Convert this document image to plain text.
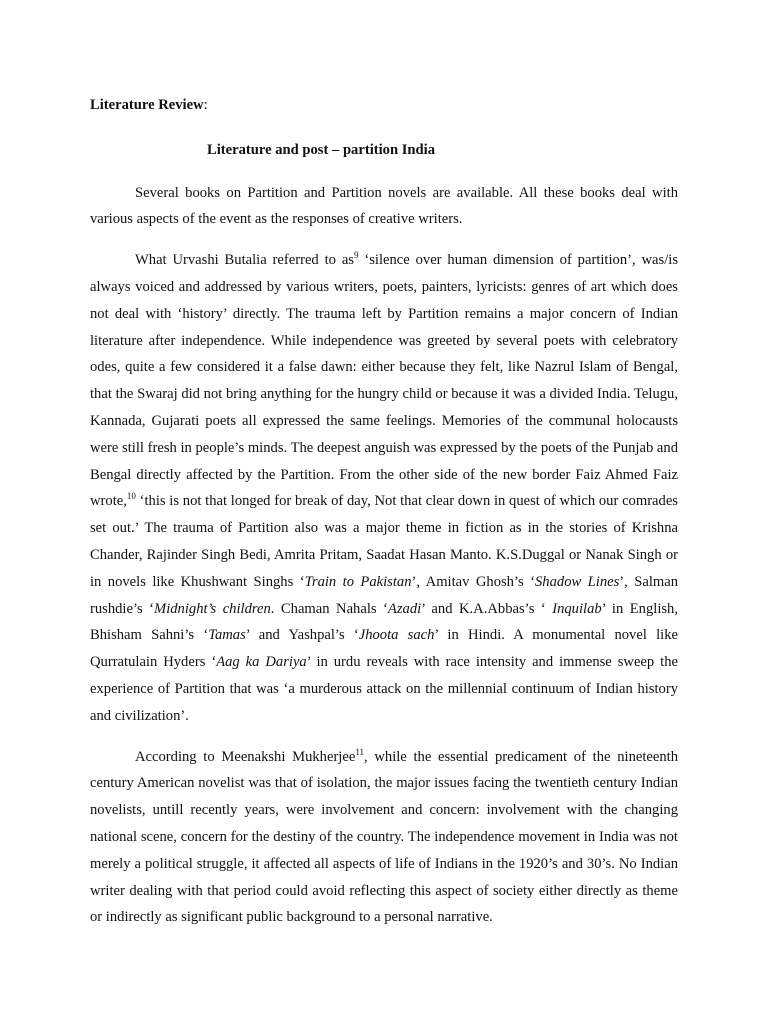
Literature Review:

Literature and post – partition India

Several books on Partition and Partition novels are available. All these books deal with various aspects of the event as the responses of creative writers.

What Urvashi Butalia referred to $as^9$ ‘silence over human dimension of partition’, was/is always voiced and addressed by various writers, poets, painters, lyricists: genres of art which does not deal with ‘history’ directly. The trauma left by Partition remains a major concern of Indian literature after independence. While independence was greeted by several poets with celebratory odes, quite a few considered it a false dawn: either because they felt, like Nazrul Islam of Bengal, that the Swaraj did not bring anything for the hungry child or because it was a divided India. Telugu, Kannada, Gujarati poets all expressed the same feelings. Memories of the communal holocausts were still fresh in people’s minds. The deepest anguish was expressed by the poets of the Punjab and Bengal directly affected by the Partition. From the other side of the new border Faiz Ahmed Faiz wrote,$^{10}$ ‘this is not that longed for break of day, Not that clear down in quest of which our comrades set out.’ The trauma of Partition also was a major theme in fiction as in the stories of Krishna Chander, Rajinder Singh Bedi, Amrita Pritam, Saadat Hasan Manto. K.S.Duggal or Nanak Singh or in novels like Khushwant Singhs ‘Train to Pakistan’, Amitav Ghosh’s ‘Shadow Lines’, Salman rushdie’s ‘Midnight’s children. Chaman Nahals ‘Azadi’ and K.A.Abbas’s ‘ Inquilab’ in English, Bhisham Sahni’s ‘Tamas’ and Yashpal’s ‘Jhoota sach’ in Hindi. A monumental novel like Qurratulain Hyders ‘Aag ka Dariya’ in urdu reveals with race intensity and immense sweep the experience of Partition that was ‘a murderous attack on the millennial continuum of Indian history and civilization’.

According to Meenakshi Mukherjee$^{11}$, while the essential predicament of the nineteenth century American novelist was that of isolation, the major issues facing the twentieth century Indian novelists, untill recently years, were involvement and concern: involvement with the changing national scene, concern for the destiny of the country. The independence movement in India was not merely a political struggle, it affected all aspects of life of Indians in the 1920’s and 30’s. No Indian writer dealing with that period could avoid reflecting this aspect of society either directly as theme or indirectly as significant public background to a personal narrative.
